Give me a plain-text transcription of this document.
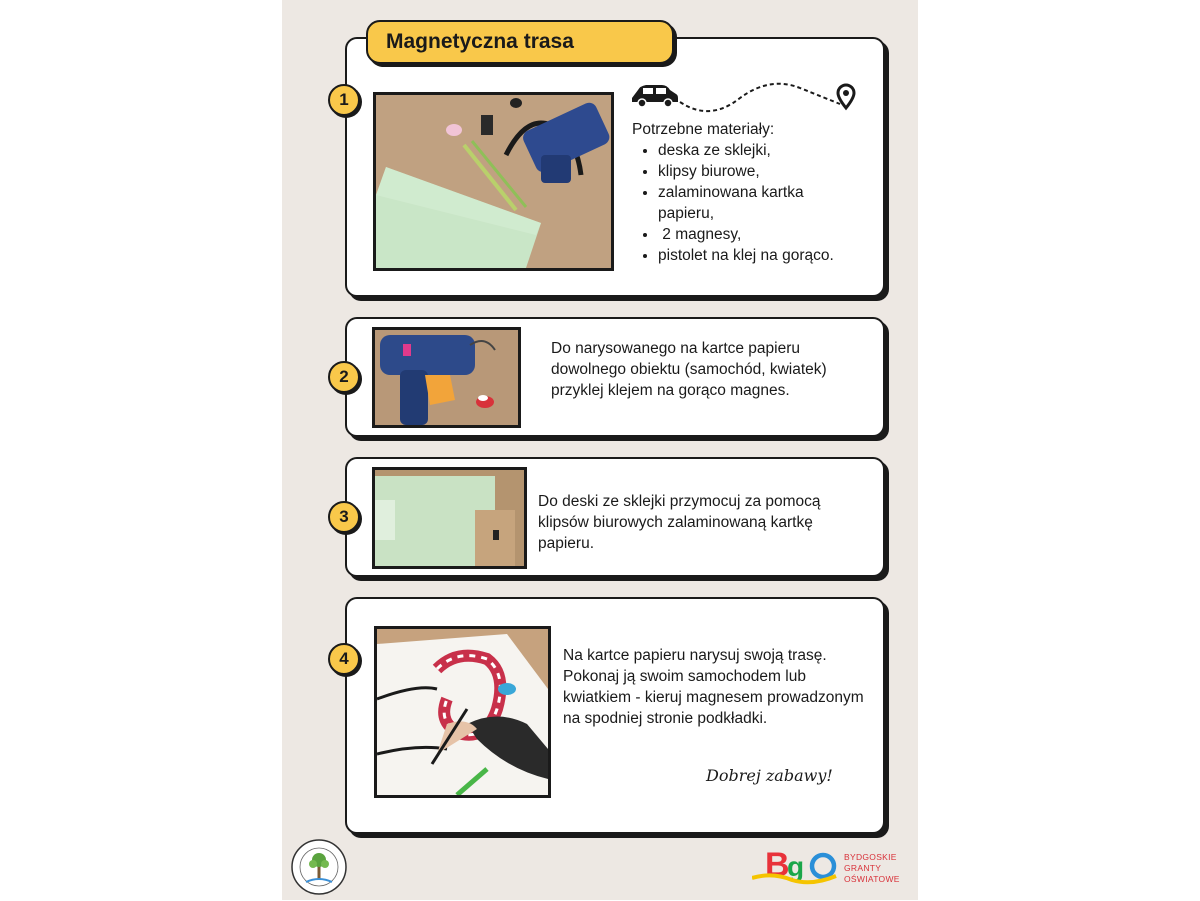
Magnetyczna trasa
1
Potrzebne materiały:
• deska ze sklejki,
• klipsy biurowe,
• zalaminowana kartka papieru,
•  2 magnesy,
• pistolet na klej na gorąco.
2
Do narysowanego na kartce papieru dowolnego obiektu (samochód, kwiatek) przyklej klejem na gorąco magnes.
3
Do deski ze sklejki przymocuj za pomocą klipsów biurowych zalaminowaną kartkę papieru.
4	Na kartce papieru narysuj swoją trasę. Pokonaj ją swoim samochodem lub kwiatkiem - kieruj magnesem prowadzonym na spodniej stronie podkładki.
Dobrej zabawy!
B
g	BYDGOSKIE
GRANTY
OŚWIATOWE
